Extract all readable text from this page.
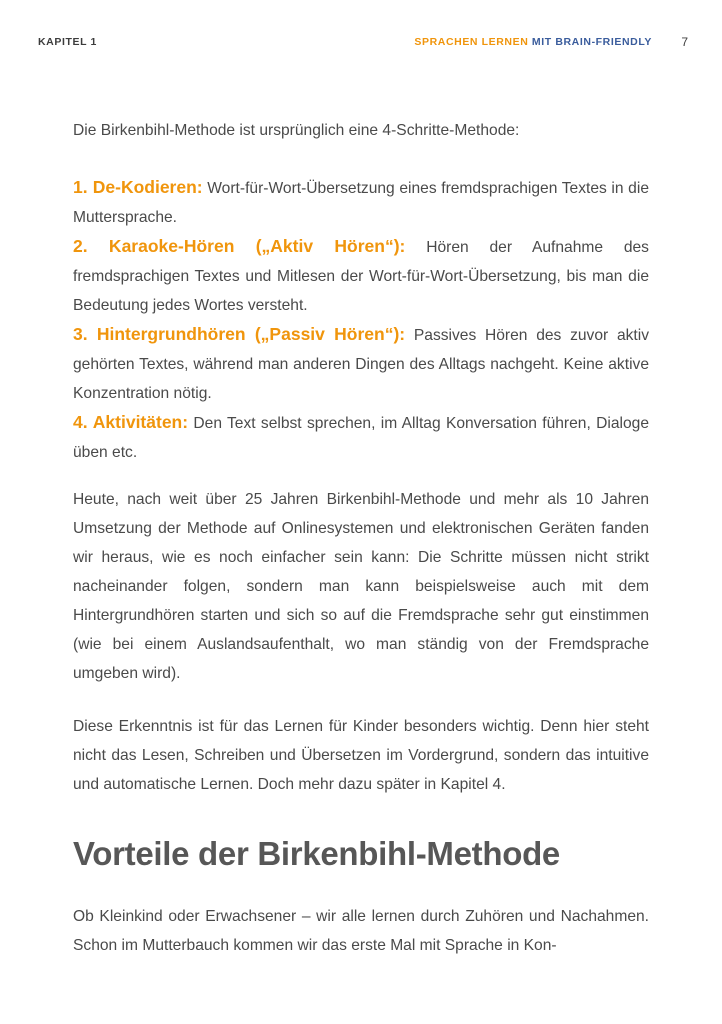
KAPITEL 1	SPRACHEN LERNEN MIT BRAIN-FRIENDLY 7

Die Birkenbihl-Methode ist ursprünglich eine 4-Schritte-Methode:

1. De-Kodieren: Wort-für-Wort-Übersetzung eines fremdsprachigen Textes in die Muttersprache.

2. Karaoke-Hören („Aktiv Hören“): Hören der Aufnahme des fremdsprachigen Textes und Mitlesen der Wort-für-Wort-Übersetzung, bis man die Bedeutung jedes Wortes versteht.

3. Hintergrundhören („Passiv Hören“): Passives Hören des zuvor aktiv gehörten Textes, während man anderen Dingen des Alltags nachgeht. Keine aktive Konzentration nötig.

4. Aktivitäten: Den Text selbst sprechen, im Alltag Konversation führen, Dialoge üben etc.

Heute, nach weit über 25 Jahren Birkenbihl-Methode und mehr als 10 Jahren Umsetzung der Methode auf Onlinesystemen und elektronischen Geräten fanden wir heraus, wie es noch einfacher sein kann: Die Schritte müssen nicht strikt nacheinander folgen, sondern man kann beispielsweise auch mit dem Hintergrundhören starten und sich so auf die Fremdsprache sehr gut einstimmen (wie bei einem Auslandsaufenthalt, wo man ständig von der Fremdsprache umgeben wird).

Diese Erkenntnis ist für das Lernen für Kinder besonders wichtig. Denn hier steht nicht das Lesen, Schreiben und Übersetzen im Vordergrund, sondern das intuitive und automatische Lernen. Doch mehr dazu später in Kapitel 4.

Vorteile der Birkenbihl-Methode

Ob Kleinkind oder Erwachsener – wir alle lernen durch Zuhören und Nachahmen. Schon im Mutterbauch kommen wir das erste Mal mit Sprache in Kon-
